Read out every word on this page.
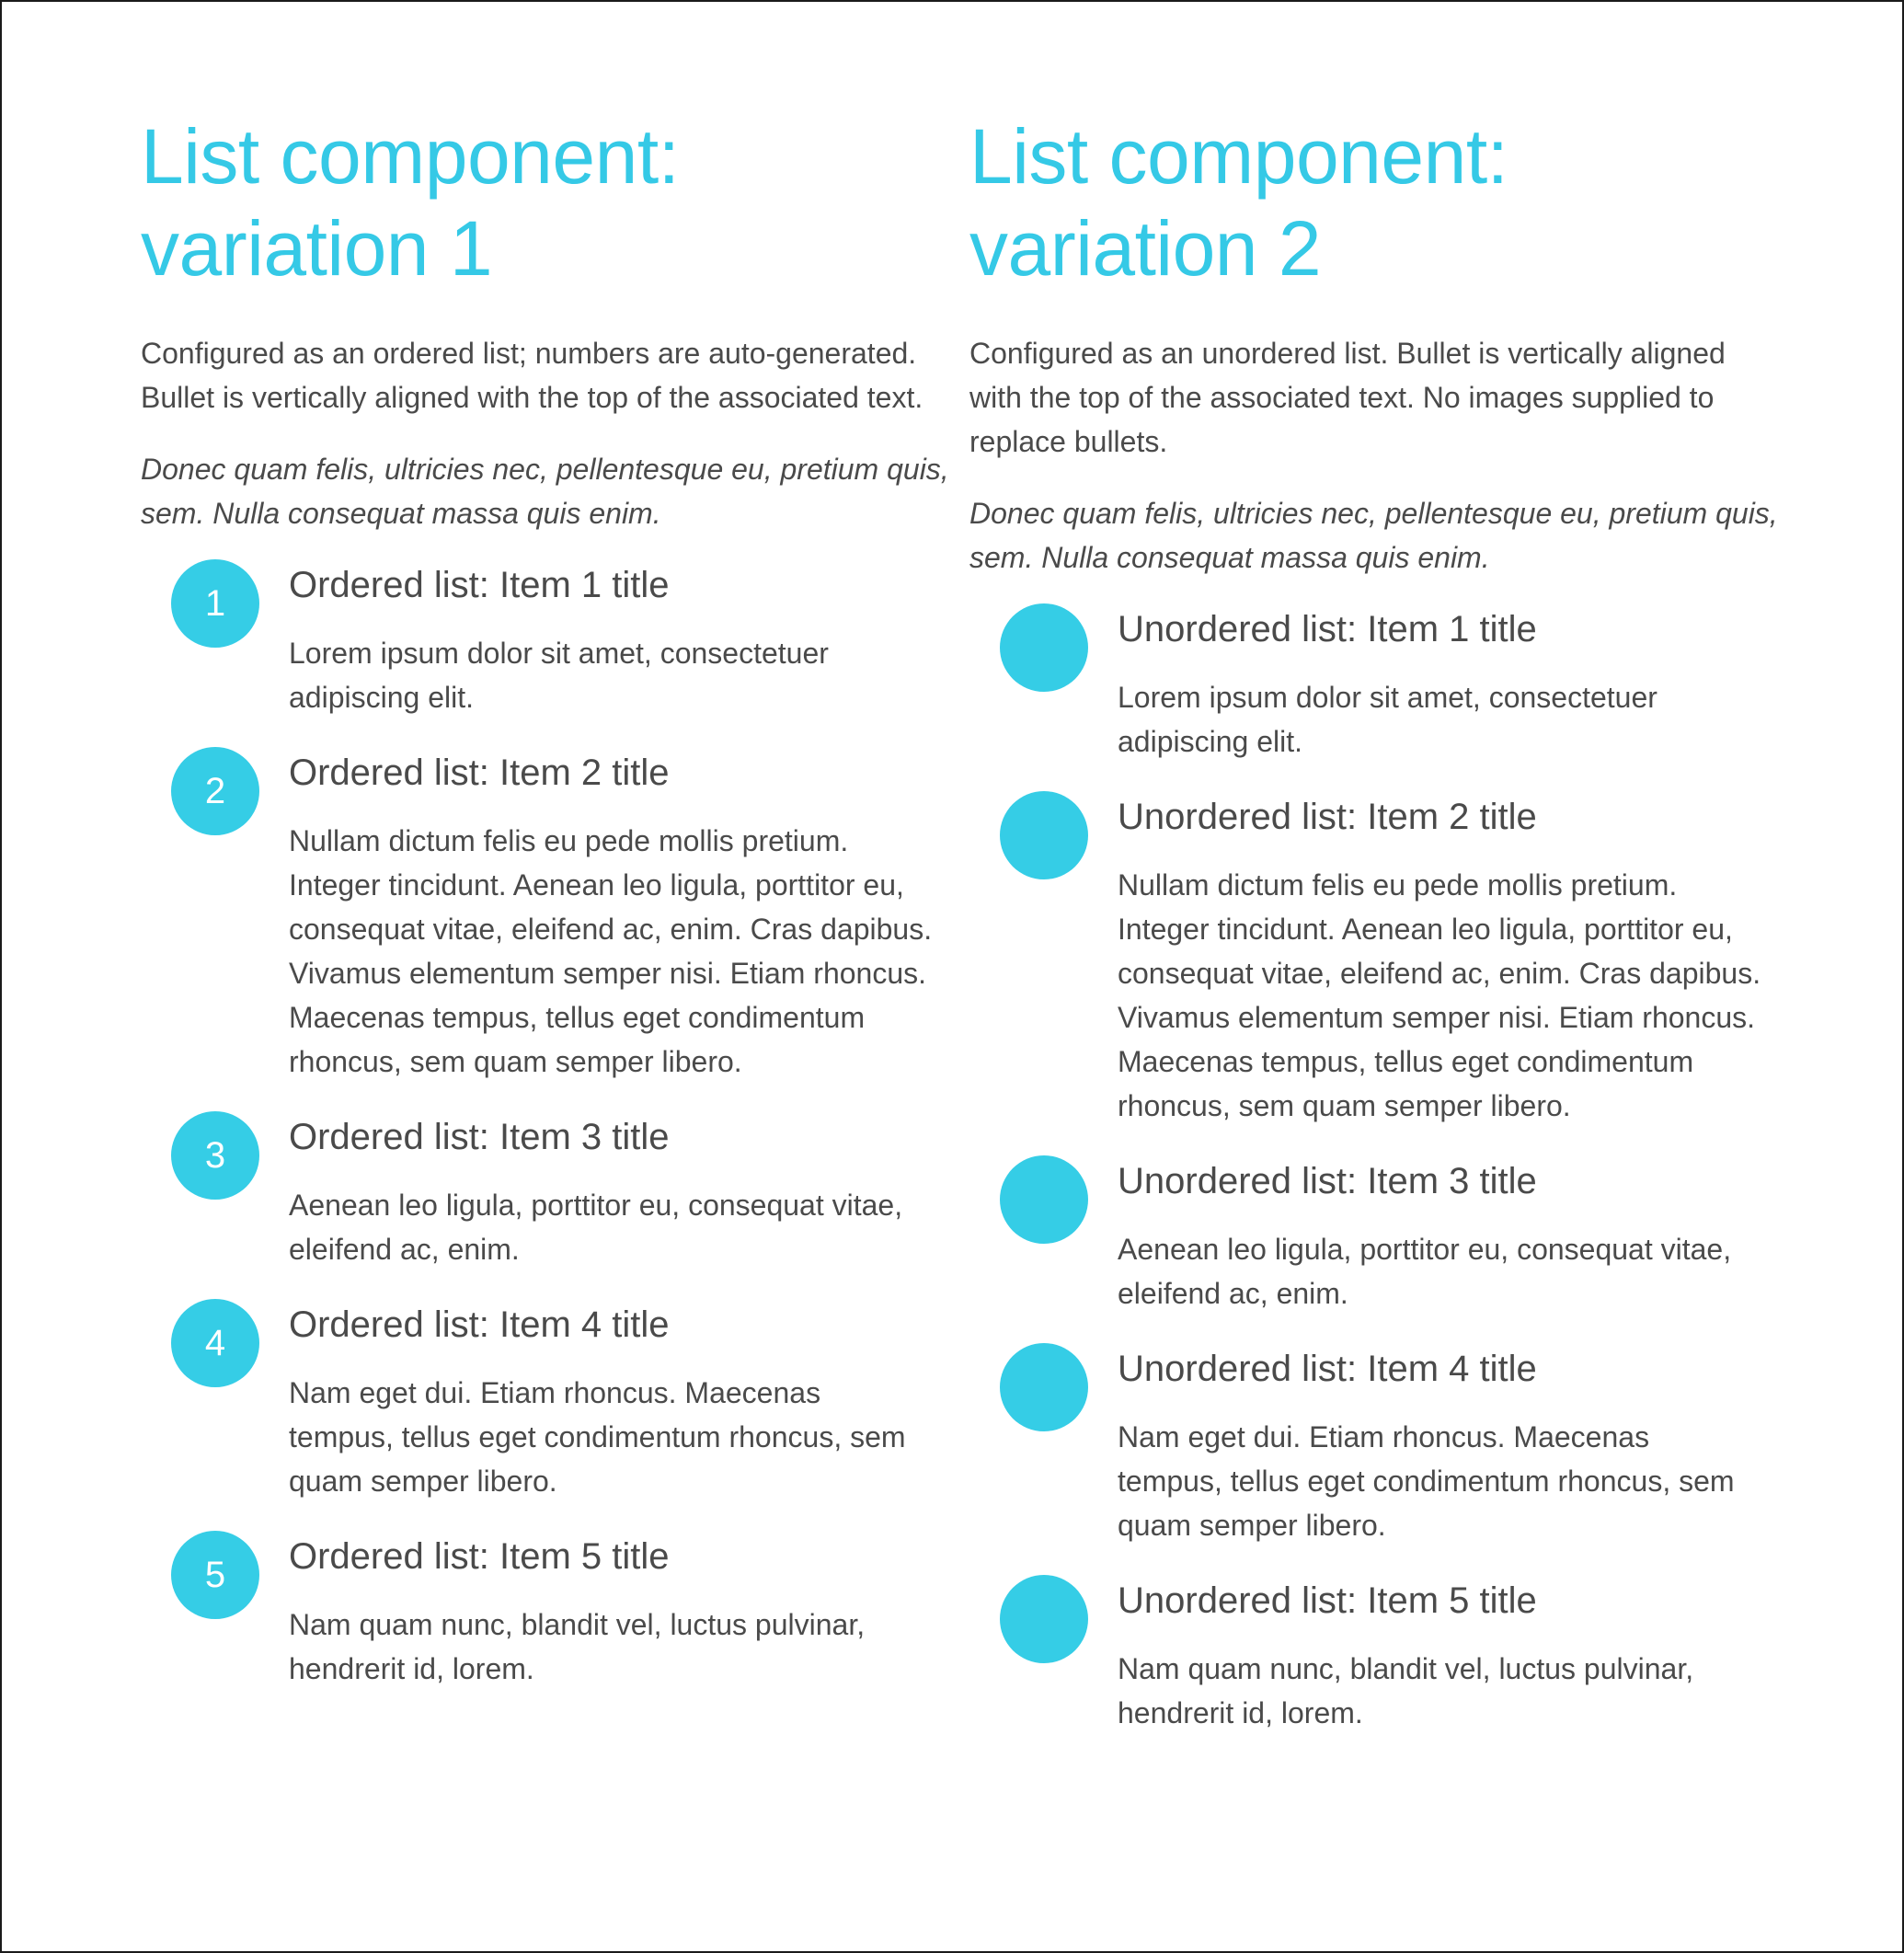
List component:
variation 1

Configured as an ordered list; numbers are auto-generated. Bullet is vertically aligned with the top of the associated text.

Donec quam felis, ultricies nec, pellentesque eu, pretium quis, sem. Nulla consequat massa quis enim.

1	Ordered list: Item 1 title

Lorem ipsum dolor sit amet, consectetuer adipiscing elit.

2	Ordered list: Item 2 title

Nullam dictum felis eu pede mollis pretium. Integer tincidunt. Aenean leo ligula, porttitor eu, consequat vitae, eleifend ac, enim. Cras dapibus. Vivamus elementum semper nisi. Etiam rhoncus. Maecenas tempus, tellus eget condimentum rhoncus, sem quam semper libero.

3	Ordered list: Item 3 title

Aenean leo ligula, porttitor eu, consequat vitae, eleifend ac, enim.

4	Ordered list: Item 4 title

Nam eget dui. Etiam rhoncus. Maecenas tempus, tellus eget condimentum rhoncus, sem quam semper libero.

5	Ordered list: Item 5 title

Nam quam nunc, blandit vel, luctus pulvinar, hendrerit id, lorem.

List component:
variation 2

Configured as an unordered list. Bullet is vertically aligned with the top of the associated text. No images supplied to replace bullets.

Donec quam felis, ultricies nec, pellentesque eu, pretium quis, sem. Nulla consequat massa quis enim.

Unordered list: Item 1 title

Lorem ipsum dolor sit amet, consectetuer adipiscing elit.

Unordered list: Item 2 title

Nullam dictum felis eu pede mollis pretium. Integer tincidunt. Aenean leo ligula, porttitor eu, consequat vitae, eleifend ac, enim. Cras dapibus. Vivamus elementum semper nisi. Etiam rhoncus. Maecenas tempus, tellus eget condimentum rhoncus, sem quam semper libero.

Unordered list: Item 3 title

Aenean leo ligula, porttitor eu, consequat vitae, eleifend ac, enim.

Unordered list: Item 4 title

Nam eget dui. Etiam rhoncus. Maecenas tempus, tellus eget condimentum rhoncus, sem quam semper libero.

Unordered list: Item 5 title

Nam quam nunc, blandit vel, luctus pulvinar, hendrerit id, lorem.
